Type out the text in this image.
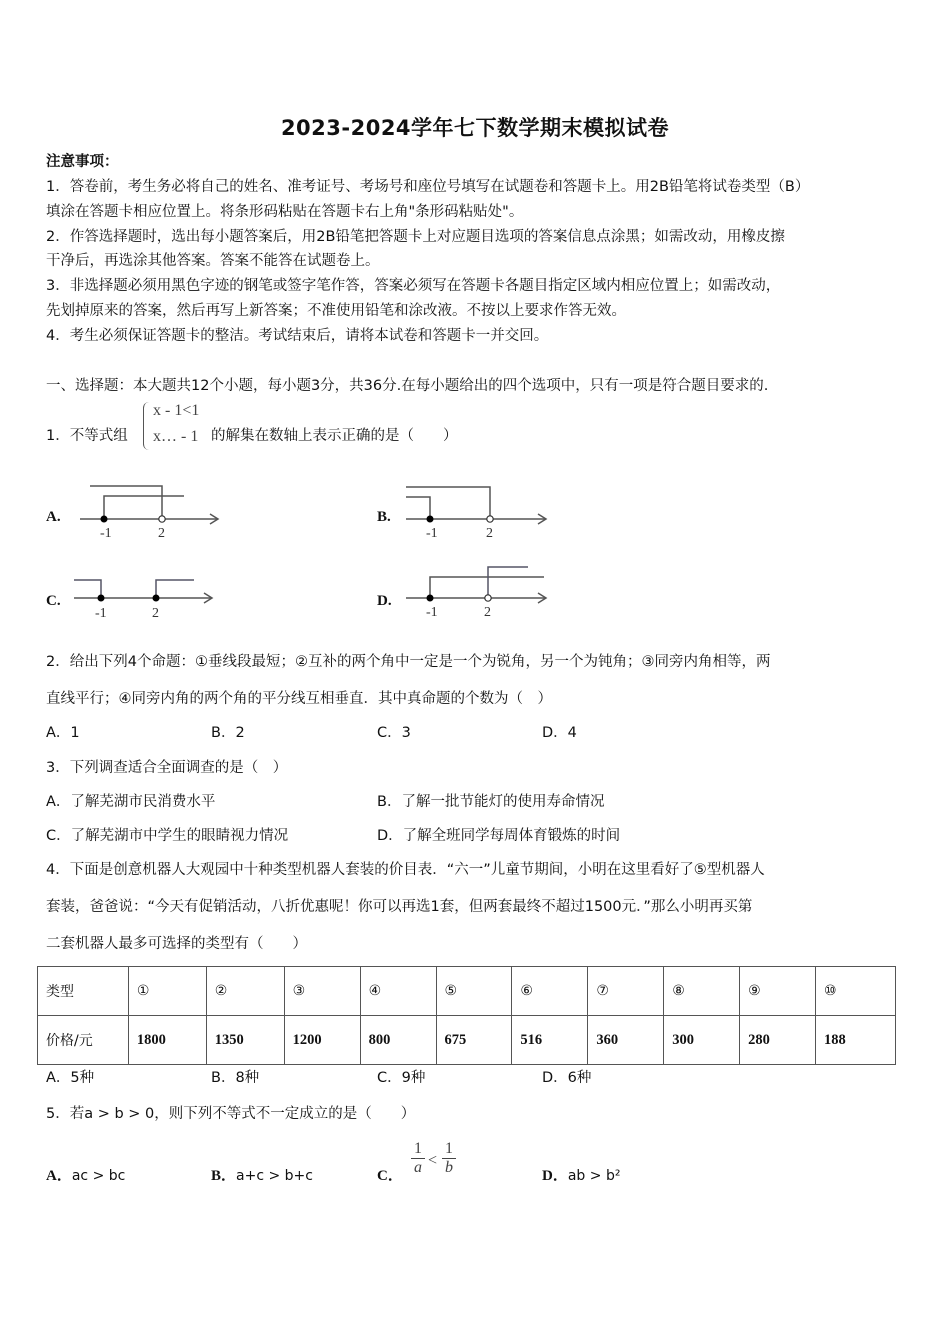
2023-2024学年七下数学期末模拟试卷
注意事项：
1．答卷前，考生务必将自己的姓名、准考证号、考场号和座位号填写在试题卷和答题卡上。用2B铅笔将试卷类型（B）
填涂在答题卡相应位置上。将条形码粘贴在答题卡右上角"条形码粘贴处"。
2．作答选择题时，选出每小题答案后，用2B铅笔把答题卡上对应题目选项的答案信息点涂黑；如需改动，用橡皮擦
干净后，再选涂其他答案。答案不能答在试题卷上。
3．非选择题必须用黑色字迹的钢笔或签字笔作答，答案必须写在答题卡各题目指定区域内相应位置上；如需改动，
先划掉原来的答案，然后再写上新答案；不准使用铅笔和涂改液。不按以上要求作答无效。
4．考生必须保证答题卡的整洁。考试结束后，请将本试卷和答题卡一并交回。
一、选择题：本大题共12个小题，每小题3分，共36分.在每小题给出的四个选项中，只有一项是符合题目要求的.
1．不等式组
x - 1<1
x… - 1 的解集在数轴上表示正确的是（　　）
A.
-1	2
B.
-1	2
C.
-1	2
D.
-1	2
2．给出下列4个命题：①垂线段最短；②互补的两个角中一定是一个为锐角，另一个为钝角；③同旁内角相等，两
直线平行；④同旁内角的两个角的平分线互相垂直．其中真命题的个数为（　）
A．1	B．2	C．3	D．4
3．下列调查适合全面调查的是（　）
A．了解芜湖市民消费水平	B．了解一批节能灯的使用寿命情况
C．了解芜湖市中学生的眼睛视力情况	D．了解全班同学每周体育锻炼的时间
4．下面是创意机器人大观园中十种类型机器人套装的价目表．“六一”儿童节期间，小明在这里看好了⑤型机器人
套装，爸爸说：“今天有促销活动，八折优惠呢！你可以再选1套，但两套最终不超过1500元．”那么小明再买第
二套机器人最多可选择的类型有（　　）
类型	①	②	③	④	⑤	⑥	⑦	⑧	⑨	⑩
价格/元	1800	1350	1200	800	675	516	360	300	280	188
A．5种	B．8种	C．9种	D．6种
5．若a > b > 0，则下列不等式不一定成立的是（　　）
A．ac > bc	B．a+c > b+c	C． $\frac{1}{a} < \frac{1}{b}$	D．ab > b²
